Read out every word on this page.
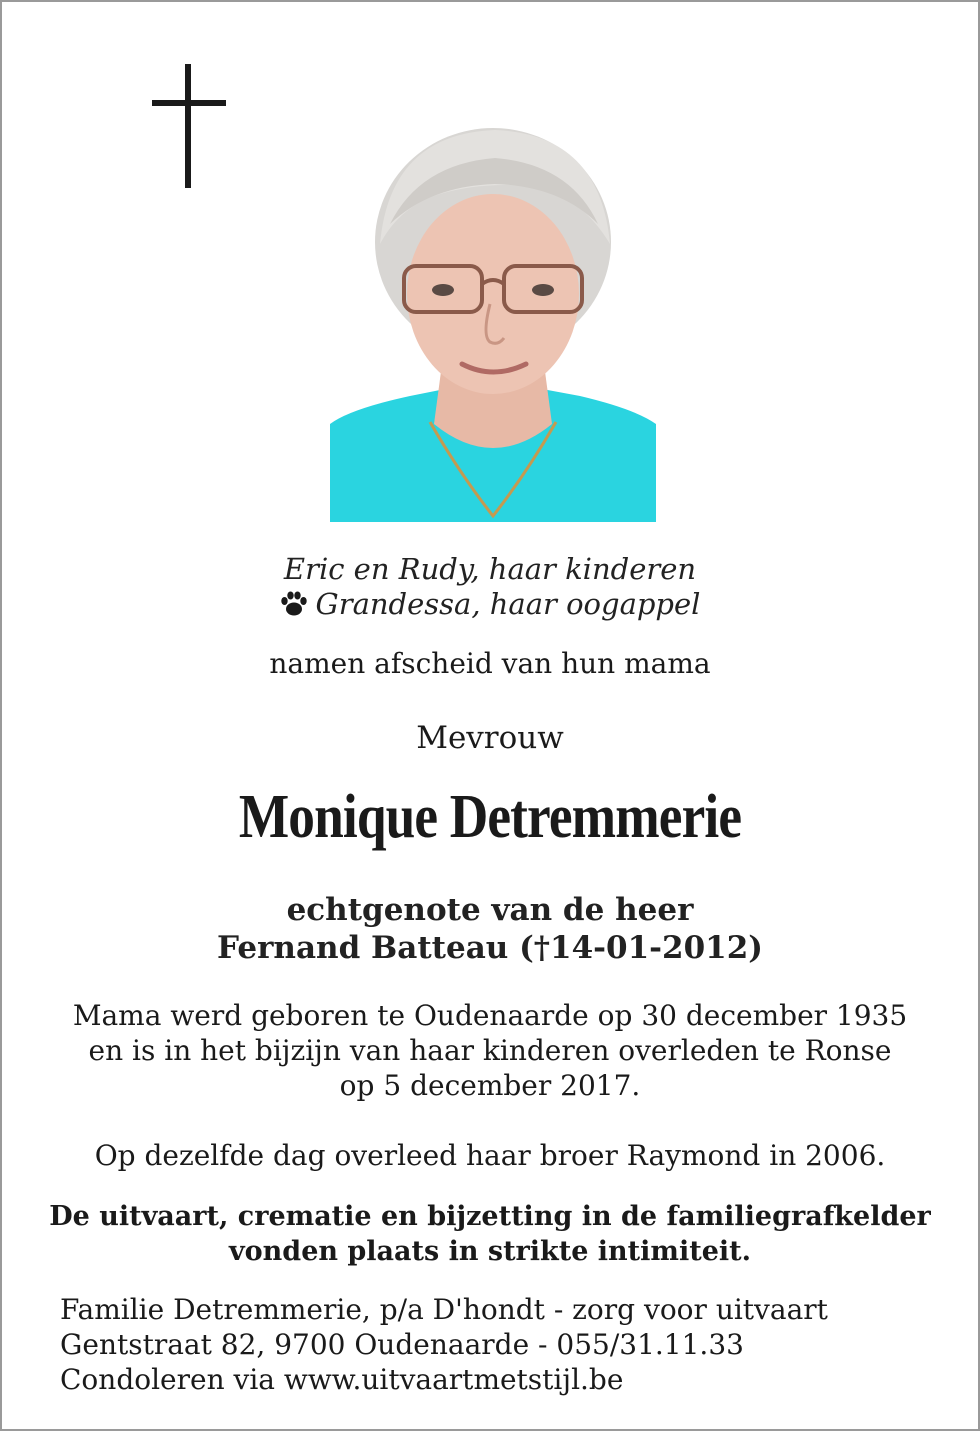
Eric en Rudy, haar kinderen
Grandessa, haar oogappel
namen afscheid van hun mama
Mevrouw
Monique Detremmerie
echtgenote van de heer
Fernand Batteau (†14-01-2012)
Mama werd geboren te Oudenaarde op 30 december 1935
en is in het bijzijn van haar kinderen overleden te Ronse
op 5 december 2017.
Op dezelfde dag overleed haar broer Raymond in 2006.
De uitvaart, crematie en bijzetting in de familiegrafkelder
vonden plaats in strikte intimiteit.
Familie Detremmerie, p/a D'hondt - zorg voor uitvaart
Gentstraat 82, 9700 Oudenaarde - 055/31.11.33
Condoleren via www.uitvaartmetstijl.be
